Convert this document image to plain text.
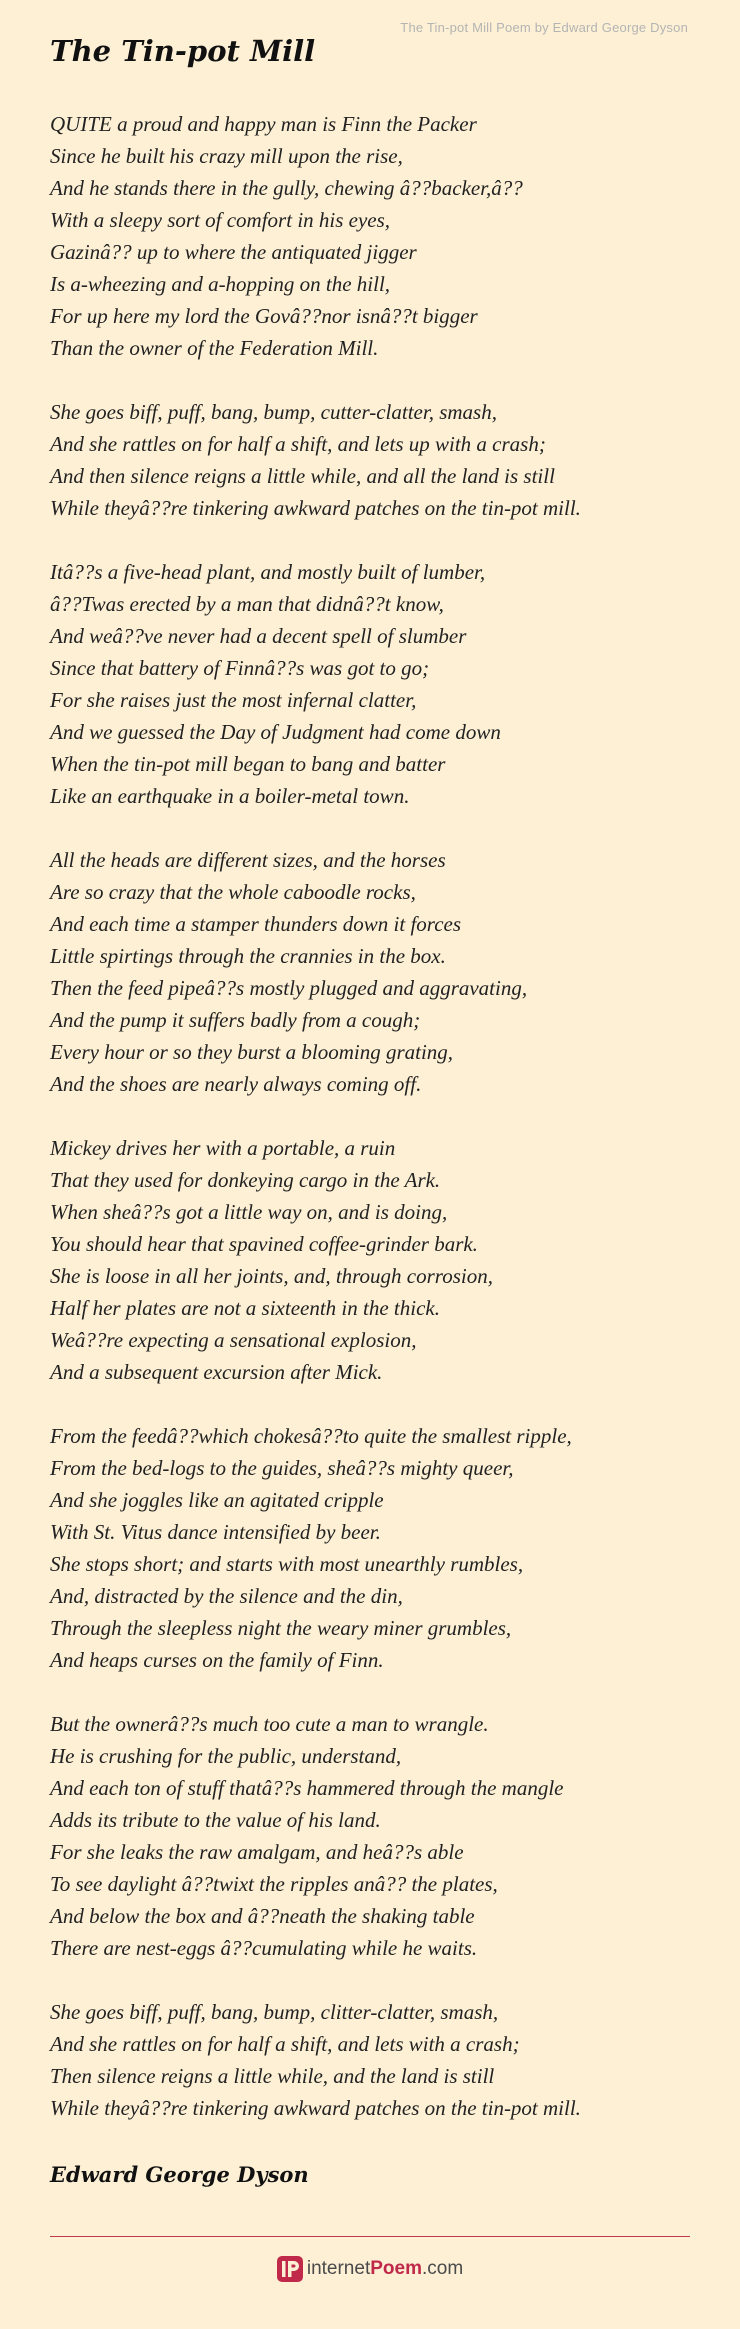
The Tin-pot Mill Poem by Edward George Dyson
The Tin-pot Mill
QUITE a proud and happy man is Finn the Packer
Since he built his crazy mill upon the rise,
And he stands there in the gully, chewing â??backer,â??
With a sleepy sort of comfort in his eyes,
Gazinâ?? up to where the antiquated jigger
Is a-wheezing and a-hopping on the hill,
For up here my lord the Govâ??nor isnâ??t bigger
Than the owner of the Federation Mill.
She goes biff, puff, bang, bump, cutter-clatter, smash,
And she rattles on for half a shift, and lets up with a crash;
And then silence reigns a little while, and all the land is still
While theyâ??re tinkering awkward patches on the tin-pot mill.
Itâ??s a five-head plant, and mostly built of lumber,
â??Twas erected by a man that didnâ??t know,
And weâ??ve never had a decent spell of slumber
Since that battery of Finnâ??s was got to go;
For she raises just the most infernal clatter,
And we guessed the Day of Judgment had come down
When the tin-pot mill began to bang and batter
Like an earthquake in a boiler-metal town.
All the heads are different sizes, and the horses
Are so crazy that the whole caboodle rocks,
And each time a stamper thunders down it forces
Little spirtings through the crannies in the box.
Then the feed pipeâ??s mostly plugged and aggravating,
And the pump it suffers badly from a cough;
Every hour or so they burst a blooming grating,
And the shoes are nearly always coming off.
Mickey drives her with a portable, a ruin
That they used for donkeying cargo in the Ark.
When sheâ??s got a little way on, and is doing,
You should hear that spavined coffee-grinder bark.
She is loose in all her joints, and, through corrosion,
Half her plates are not a sixteenth in the thick.
Weâ??re expecting a sensational explosion,
And a subsequent excursion after Mick.
From the feedâ??which chokesâ??to quite the smallest ripple,
From the bed-logs to the guides, sheâ??s mighty queer,
And she joggles like an agitated cripple
With St. Vitus dance intensified by beer.
She stops short; and starts with most unearthly rumbles,
And, distracted by the silence and the din,
Through the sleepless night the weary miner grumbles,
And heaps curses on the family of Finn.
But the ownerâ??s much too cute a man to wrangle.
He is crushing for the public, understand,
And each ton of stuff thatâ??s hammered through the mangle
Adds its tribute to the value of his land.
For she leaks the raw amalgam, and heâ??s able
To see daylight â??twixt the ripples anâ?? the plates,
And below the box and â??neath the shaking table
There are nest-eggs â??cumulating while he waits.
She goes biff, puff, bang, bump, clitter-clatter, smash,
And she rattles on for half a shift, and lets with a crash;
Then silence reigns a little while, and the land is still
While theyâ??re tinkering awkward patches on the tin-pot mill.
Edward George Dyson
internet Poem .com
